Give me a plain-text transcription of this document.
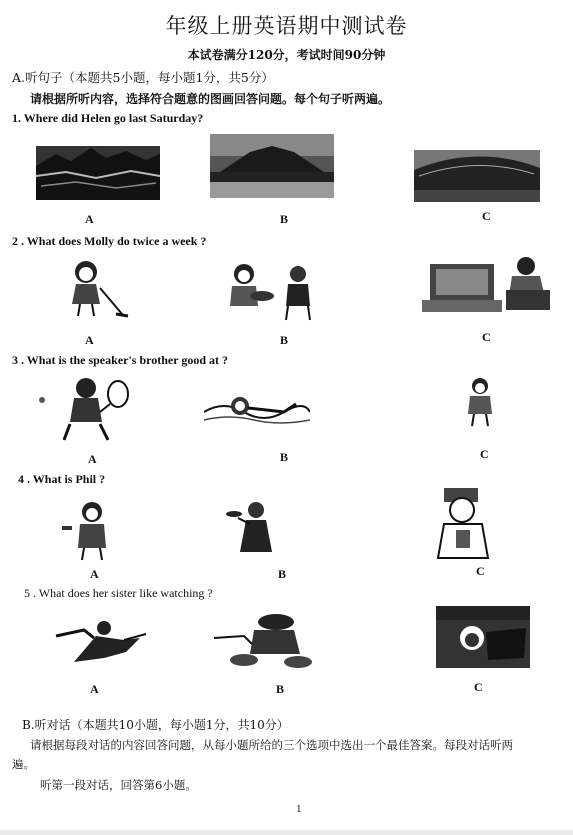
年级上册英语期中测试卷
本试卷满分120分，考试时间90分钟
A.听句子（本题共5小题，每小题1分，共5分）
请根据所听内容，选择符合题意的图画回答问题。每个句子听两遍。
1. Where did Helen go last Saturday?
A	B	C
2 . What does Molly do twice a week ?
A	B	C
3 . What is the speaker's brother good at ?
A	B	C
4 . What is Phil ?
A	B	C
5 . What does her sister like watching ?
A	B	C
B.听对话（本题共10小题，每小题1分，共10分）
请根据每段对话的内容回答问题，从每小题所给的三个选项中选出一个最佳答案。每段对话听两
遍。
听第一段对话，回答第6小题。
1
